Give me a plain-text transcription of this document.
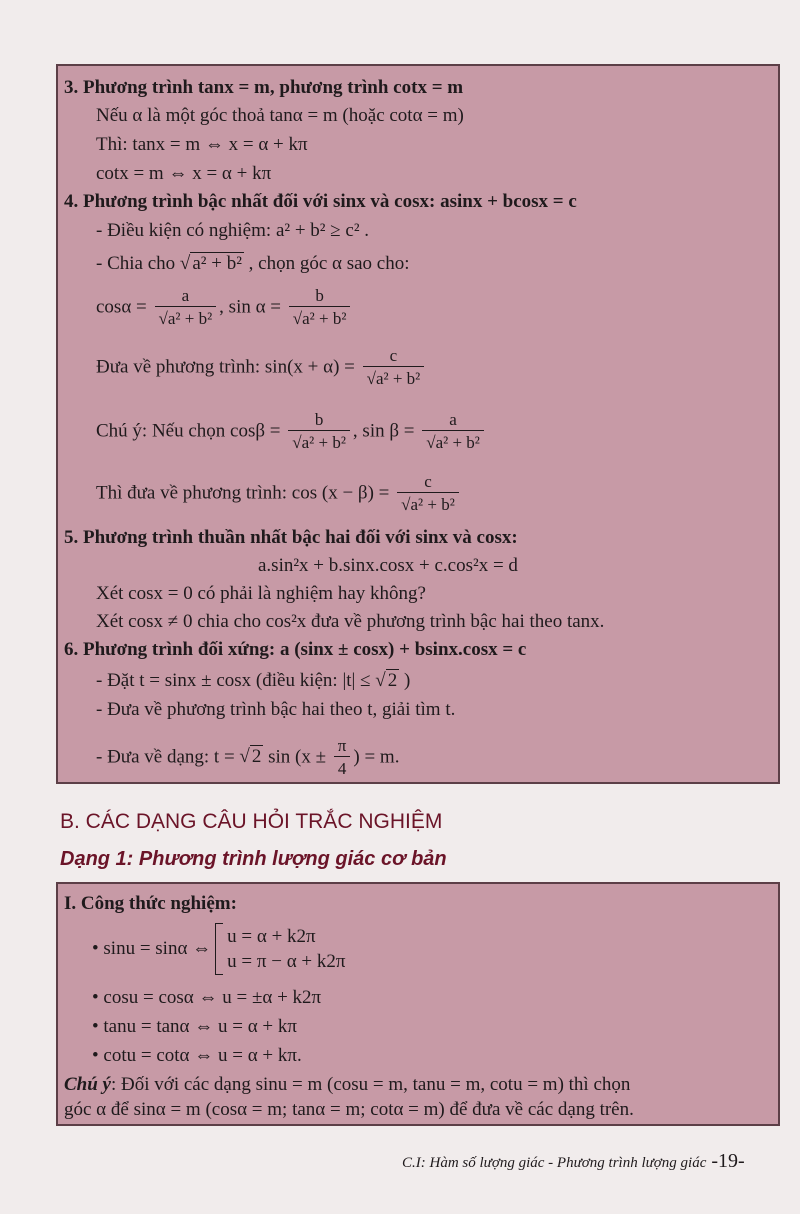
3. Phương trình tanx = m, phương trình cotx = m
Nếu α là một góc thoả tanα = m (hoặc cotα = m)
Thì: tanx = m ⇔ x = α + kπ
cotx = m ⇔ x = α + kπ
4. Phương trình bậc nhất đối với sinx và cosx: asinx + bcosx = c
- Điều kiện có nghiệm: a² + b² ≥ c² .
- Chia cho √ a² + b² , chọn góc α sao cho:
$\cos\alpha = \frac{a}{\text{√a² + b²}}$ , $\sin \alpha = \frac{b}{\text{√a² + b²}}$
Đưa về phương trình: $\sin(x + \alpha) = \frac{c}{\text{√a² + b²}}$
Chú ý: Nếu chọn $\cos\beta = \frac{b}{\text{√a² + b²}}$ , $\sin \beta = \frac{a}{\text{√a² + b²}}$
Thì đưa về phương trình: $\cos (x - \beta) = \frac{c}{\text{√a² + b²}}$
5. Phương trình thuần nhất bậc hai đối với sinx và cosx:
a.sin²x + b.sinx.cosx + c.cos²x = d
Xét cosx = 0 có phải là nghiệm hay không?
Xét cosx ≠ 0 chia cho cos²x đưa về phương trình bậc hai theo tanx.
6. Phương trình đối xứng: a (sinx ± cosx) + bsinx.cosx = c
- Đặt t = sinx ± cosx (điều kiện: |t| ≤ √ 2 )
- Đưa về phương trình bậc hai theo t, giải tìm t.
- Đưa về dạng: t = √ 2 $\sin (x \pm \frac{\pi}{4}$ ) = m.
B. CÁC DẠNG CÂU HỎI TRẮC NGHIỆM
Dạng 1: Phương trình lượng giác cơ bản
I. Công thức nghiệm:
• sinu = sinα ⇔
u = α + k2π
u = π − α + k2π
• cosu = cosα ⇔ u = ±α + k2π
• tanu = tanα ⇔ u = α + kπ
• cotu = cotα ⇔ u = α + kπ.
Chú ý: Đối với các dạng sinu = m (cosu = m, tanu = m, cotu = m) thì chọn
góc α để sinα = m (cosα = m; tanα = m; cotα = m) để đưa về các dạng trên.
C.I: Hàm số lượng giác - Phương trình lượng giác -19-
